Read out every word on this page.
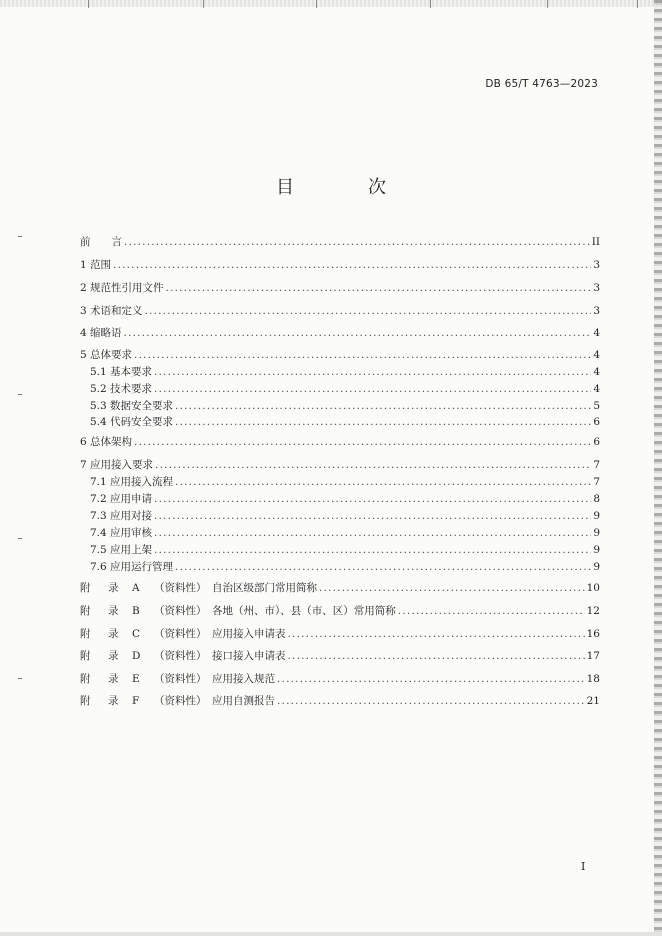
DB 65/T 4763—2023
目　次
前　　言 .....	II
1 范围 .....	3
2 规范性引用文件 .....	3
3 术语和定义 .....	3
4 缩略语 .....	4
5 总体要求 .....	4
5.1 基本要求 .....	4
5.2 技术要求 .....	4
5.3 数据安全要求 .....	5
5.4 代码安全要求 .....	6
6 总体架构 .....	6
7 应用接入要求 .....	7
7.1 应用接入流程 .....	7
7.2 应用申请 .....	8
7.3 应用对接 .....	9
7.4 应用审核 .....	9
7.5 应用上架 .....	9
7.6 应用运行管理 .....	9
附	录	A	（资料性） 自治区级部门常用简称 .....	10
附	录	B	（资料性） 各地（州、市）、县（市、区）常用简称 .....	12
附	录	C	（资料性） 应用接入申请表 .....	16
附	录	D	（资料性） 接口接入申请表 .....	17
附	录	E	（资料性） 应用接入规范 .....	18
附	录	F	（资料性） 应用自测报告 .....	21
I
